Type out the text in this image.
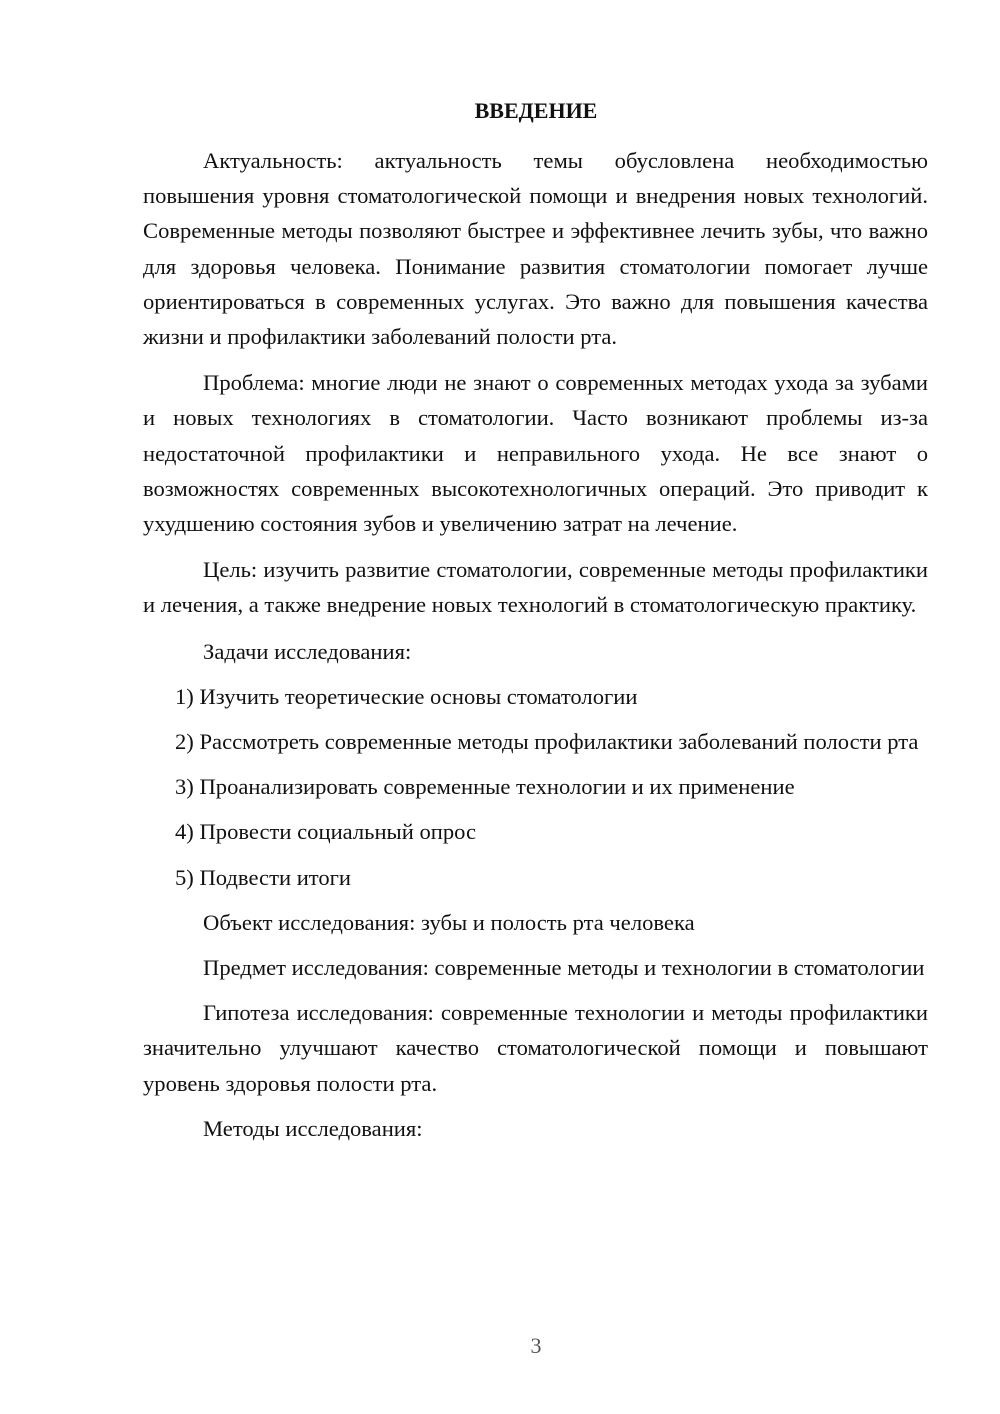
ВВЕДЕНИЕ

Актуальность: актуальность темы обусловлена необходимостью повышения уровня стоматологической помощи и внедрения новых технологий. Современные методы позволяют быстрее и эффективнее лечить зубы, что важно для здоровья человека. Понимание развития стоматологии помогает лучше ориентироваться в современных услугах. Это важно для повышения качества жизни и профилактики заболеваний полости рта.

Проблема: многие люди не знают о современных методах ухода за зубами и новых технологиях в стоматологии. Часто возникают проблемы из-за недостаточной профилактики и неправильного ухода. Не все знают о возможностях современных высокотехнологичных операций. Это приводит к ухудшению состояния зубов и увеличению затрат на лечение.

Цель: изучить развитие стоматологии, современные методы профилактики и лечения, а также внедрение новых технологий в стоматологическую практику.

Задачи исследования:

1) Изучить теоретические основы стоматологии

2) Рассмотреть современные методы профилактики заболеваний полости рта

3) Проанализировать современные технологии и их применение

4) Провести социальный опрос

5) Подвести итоги

Объект исследования: зубы и полость рта человека

Предмет исследования: современные методы и технологии в стоматологии

Гипотеза исследования: современные технологии и методы профилактики значительно улучшают качество стоматологической помощи и повышают уровень здоровья полости рта.

Методы исследования:

3
